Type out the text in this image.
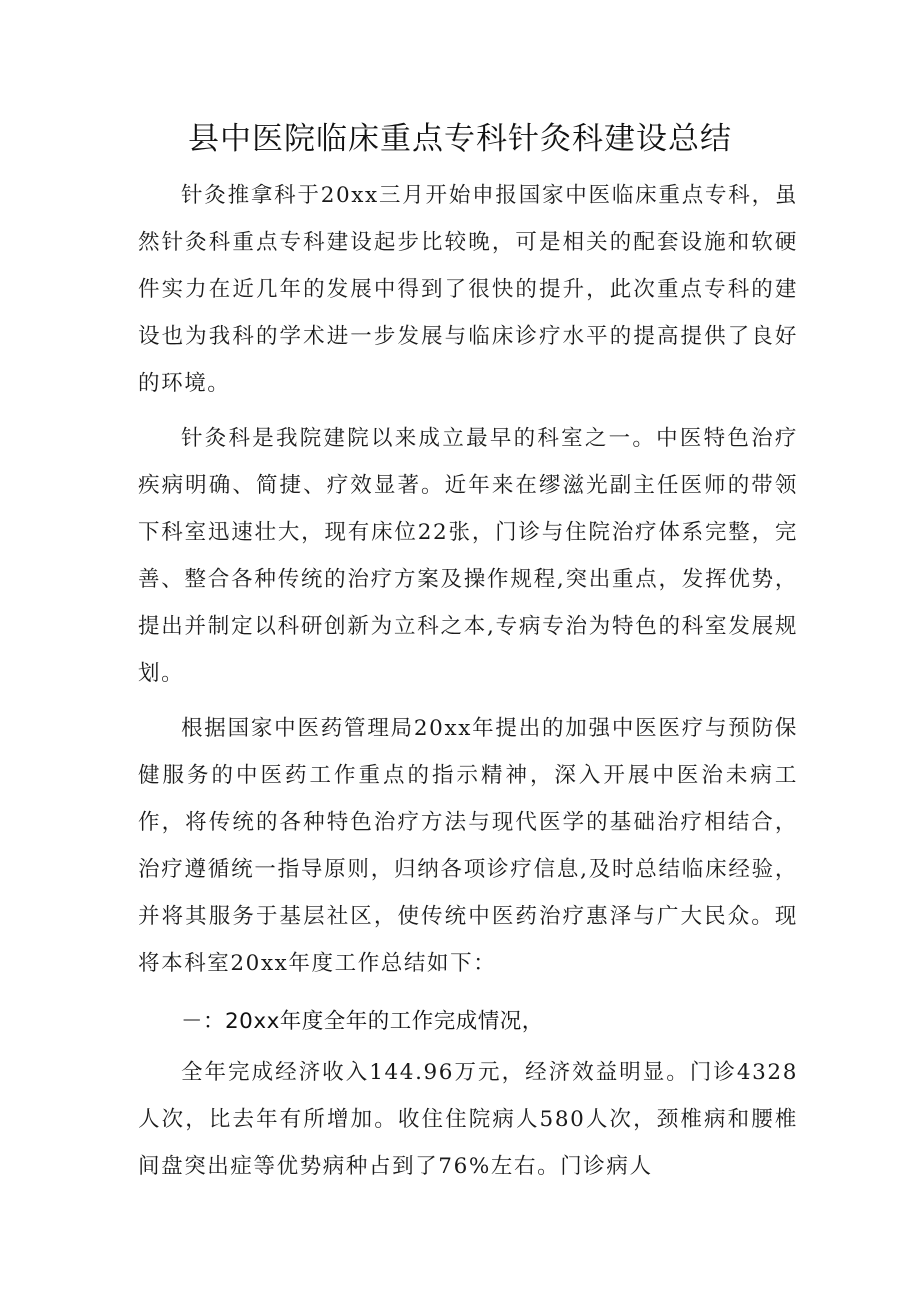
县中医院临床重点专科针灸科建设总结

针灸推拿科于20xx三月开始申报国家中医临床重点专科，虽然针灸科重点专科建设起步比较晚，可是相关的配套设施和软硬件实力在近几年的发展中得到了很快的提升，此次重点专科的建设也为我科的学术进一步发展与临床诊疗水平的提高提供了良好的环境。

针灸科是我院建院以来成立最早的科室之一。中医特色治疗疾病明确、简捷、疗效显著。近年来在缪滋光副主任医师的带领下科室迅速壮大，现有床位22张，门诊与住院治疗体系完整，完善、整合各种传统的治疗方案及操作规程,突出重点，发挥优势，提出并制定以科研创新为立科之本,专病专治为特色的科室发展规划。

根据国家中医药管理局20xx年提出的加强中医医疗与预防保健服务的中医药工作重点的指示精神，深入开展中医治未病工作，将传统的各种特色治疗方法与现代医学的基础治疗相结合，治疗遵循统一指导原则，归纳各项诊疗信息,及时总结临床经验，并将其服务于基层社区，使传统中医药治疗惠泽与广大民众。现将本科室20xx年度工作总结如下：

－：20xx年度全年的工作完成情况，

全年完成经济收入144.96万元，经济效益明显。门诊4328人次，比去年有所增加。收住住院病人580人次，颈椎病和腰椎间盘突出症等优势病种占到了76%左右。门诊病人
